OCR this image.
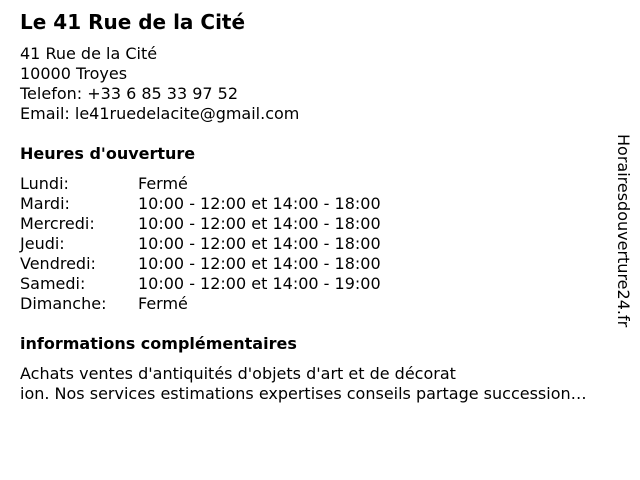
Le 41 Rue de la Cité
41 Rue de la Cité
10000 Troyes
Telefon: +33 6 85 33 97 52
Email: le41ruedelacite@gmail.com
Heures d'ouverture
Lundi:	Fermé
Mardi:	10:00 - 12:00 et 14:00 - 18:00
Mercredi:	10:00 - 12:00 et 14:00 - 18:00
Jeudi:	10:00 - 12:00 et 14:00 - 18:00
Vendredi:	10:00 - 12:00 et 14:00 - 18:00
Samedi:	10:00 - 12:00 et 14:00 - 19:00
Dimanche:	Fermé
informations complémentaires
Achats ventes d'antiquités d'objets d'art et de décorat
ion. Nos services estimations expertises conseils partage succession…
Horairesdouverture24.fr
